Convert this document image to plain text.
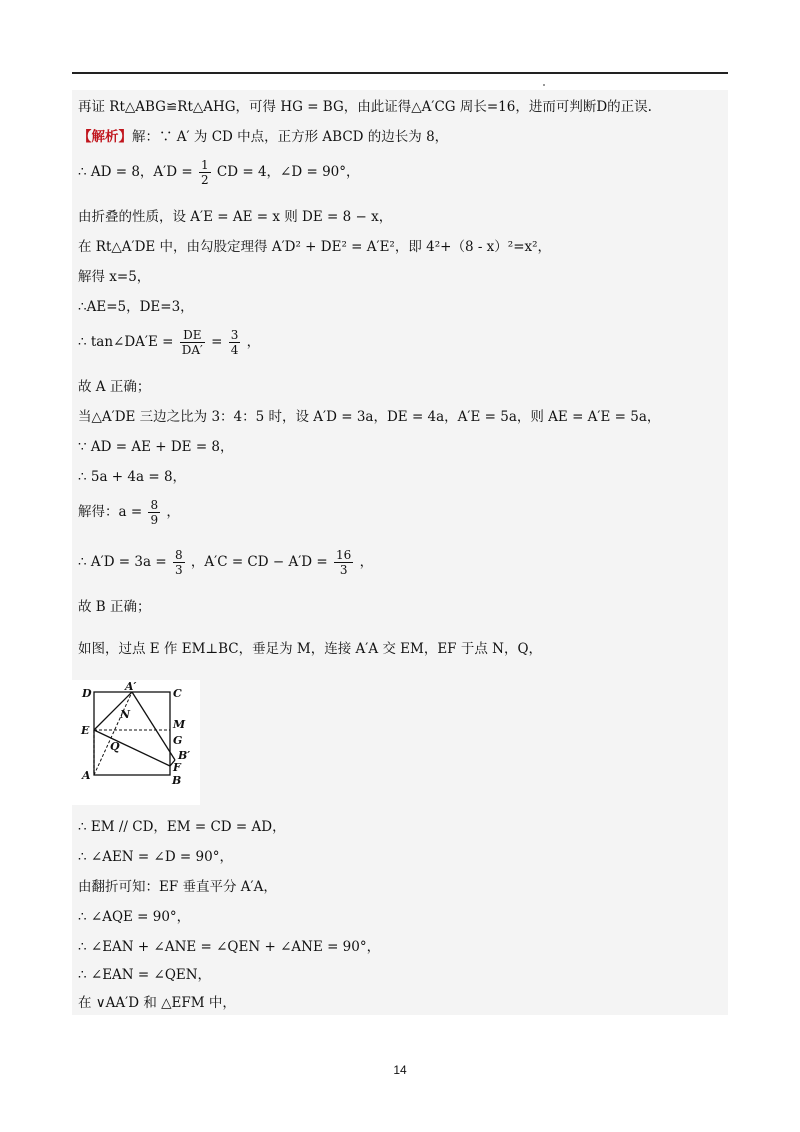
再证 Rt△ABG≌Rt△AHG，可得 HG = BG，由此证得△A′CG 周长=16，进而可判断D的正误.
【解析】解：∵ A′ 为 CD 中点，正方形 ABCD 的边长为 8，
∴ AD = 8，$A'D = \frac{1}{2}$ CD = 4，∠D = 90°，
由折叠的性质，设 A′E = AE = x 则 DE = 8 − x，
在 Rt△A′DE 中，由勾股定理得 A′D² + DE² = A′E²，即 4²+（8 - x）²=x²，
解得 x=5，
∴AE=5，DE=3，
∴ tan∠DA′E = $\frac{DE}{DA'} = \frac{3}{4}$ ，
故 A 正确；
当△A′DE 三边之比为 3：4：5 时，设 A′D = 3a，DE = 4a，A′E = 5a，则 AE = A′E = 5a，
∵ AD = AE + DE = 8，
∴ 5a + 4a = 8，
解得：$a = \frac{8}{9}$ ，
∴ $A'D = 3a = \frac{8}{3}$ ，A′C = CD − $A'D = \frac{16}{3}$ ，
故 B 正确；
如图，过点 E 作 EM⊥BC，垂足为 M，连接 A′A 交 EM，EF 于点 N，Q，
D
A′
C
E
N
M
G
Q
B′
F
A	B
∴ EM // CD，EM = CD = AD，
∴ ∠AEN = ∠D = 90°，
由翻折可知：EF 垂直平分 A′A，
∴ ∠AQE = 90°，
∴ ∠EAN + ∠ANE = ∠QEN + ∠ANE = 90°，
∴ ∠EAN = ∠QEN，
在 ∨AA′D 和 △EFM 中，
14
